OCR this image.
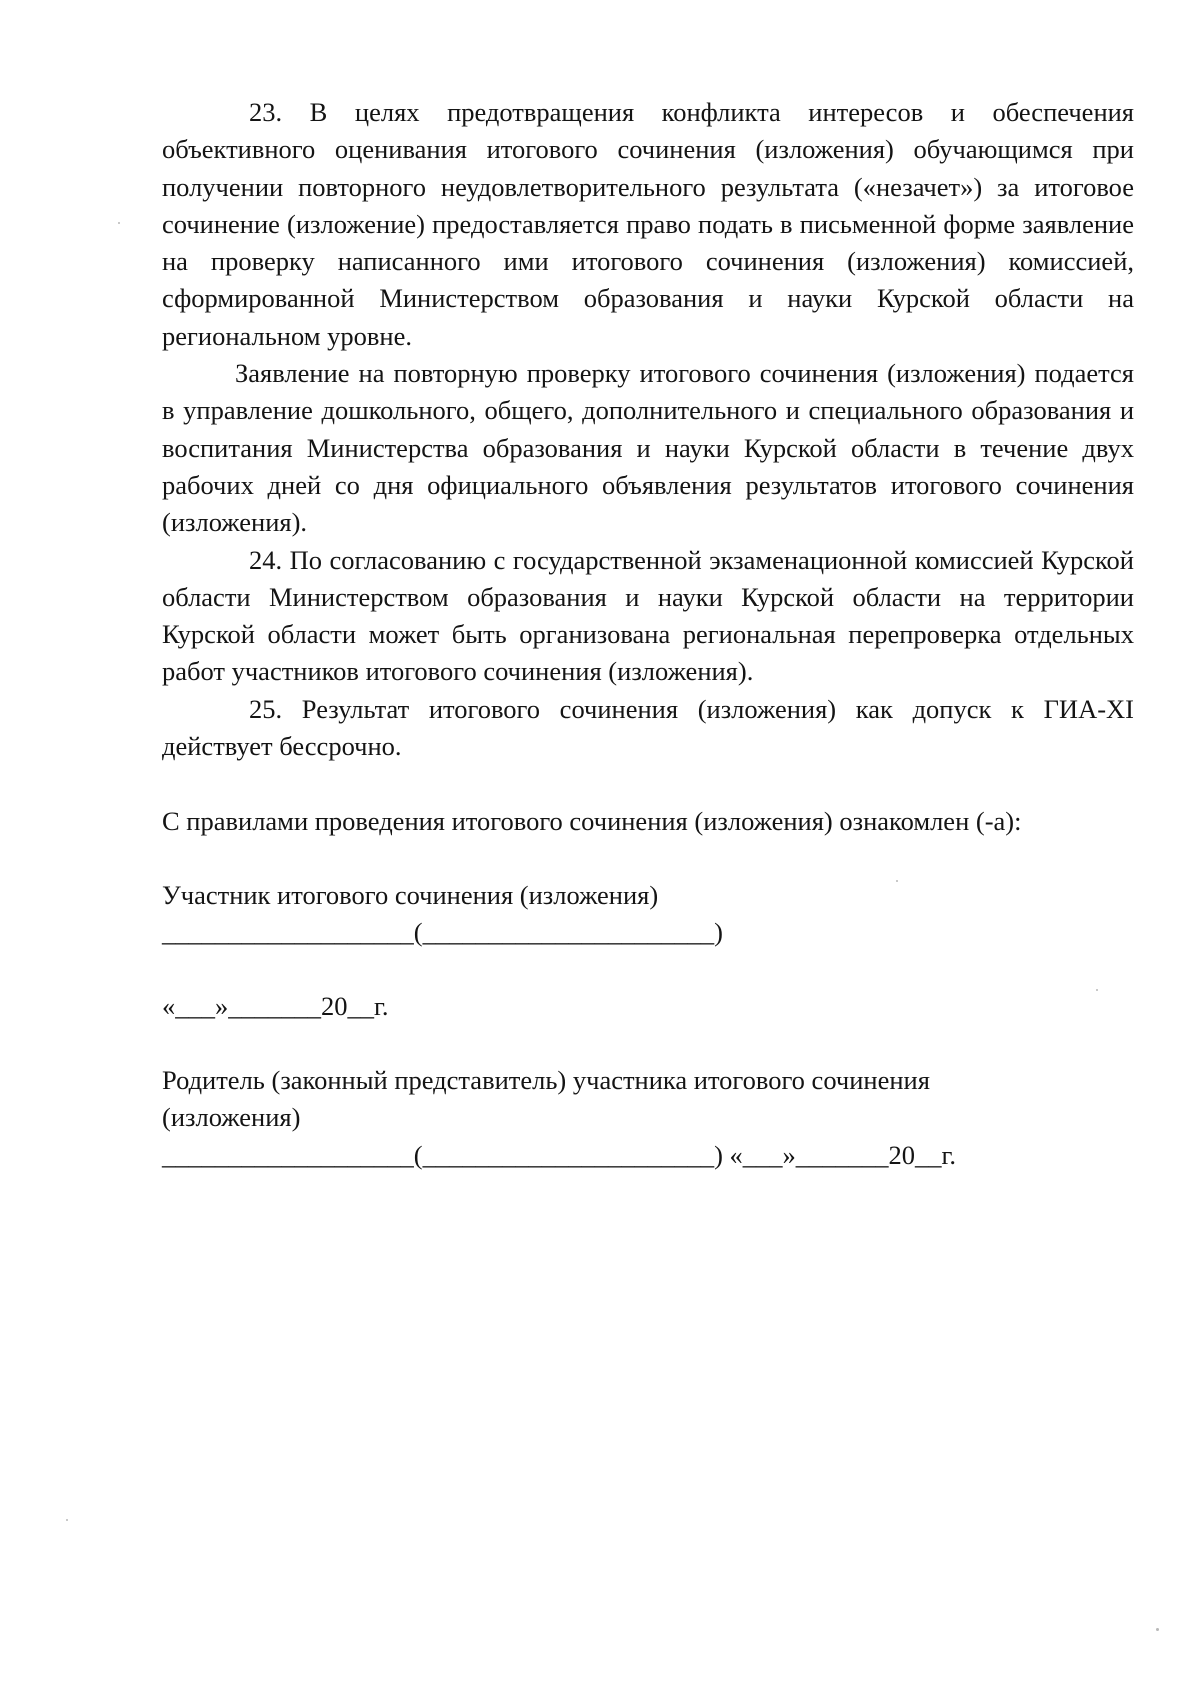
23. В целях предотвращения конфликта интересов и обеспечения объективного оценивания итогового сочинения (изложения) обучающимся при получении повторного неудовлетворительного результата («незачет») за итоговое сочинение (изложение) предоставляется право подать в письменной форме заявление на проверку написанного ими итогового сочинения (изложения) комиссией, сформированной Министерством образования и науки Курской области на региональном уровне.

Заявление на повторную проверку итогового сочинения (изложения) подается в управление дошкольного, общего, дополнительного и специального образования и воспитания Министерства образования и науки Курской области в течение двух рабочих дней со дня официального объявления результатов итогового сочинения (изложения).

24. По согласованию с государственной экзаменационной комиссией Курской области Министерством образования и науки Курской области на территории Курской области может быть организована региональная перепроверка отдельных работ участников итогового сочинения (изложения).

25. Результат итогового сочинения (изложения) как допуск к ГИА-XI действует бессрочно.

С правилами проведения итогового сочинения (изложения) ознакомлен (-а):

Участник итогового сочинения (изложения)

___________________(______________________)

«___»_______20__г.

Родитель (законный представитель) участника итогового сочинения

(изложения)

___________________(______________________) «___»_______20__г.
